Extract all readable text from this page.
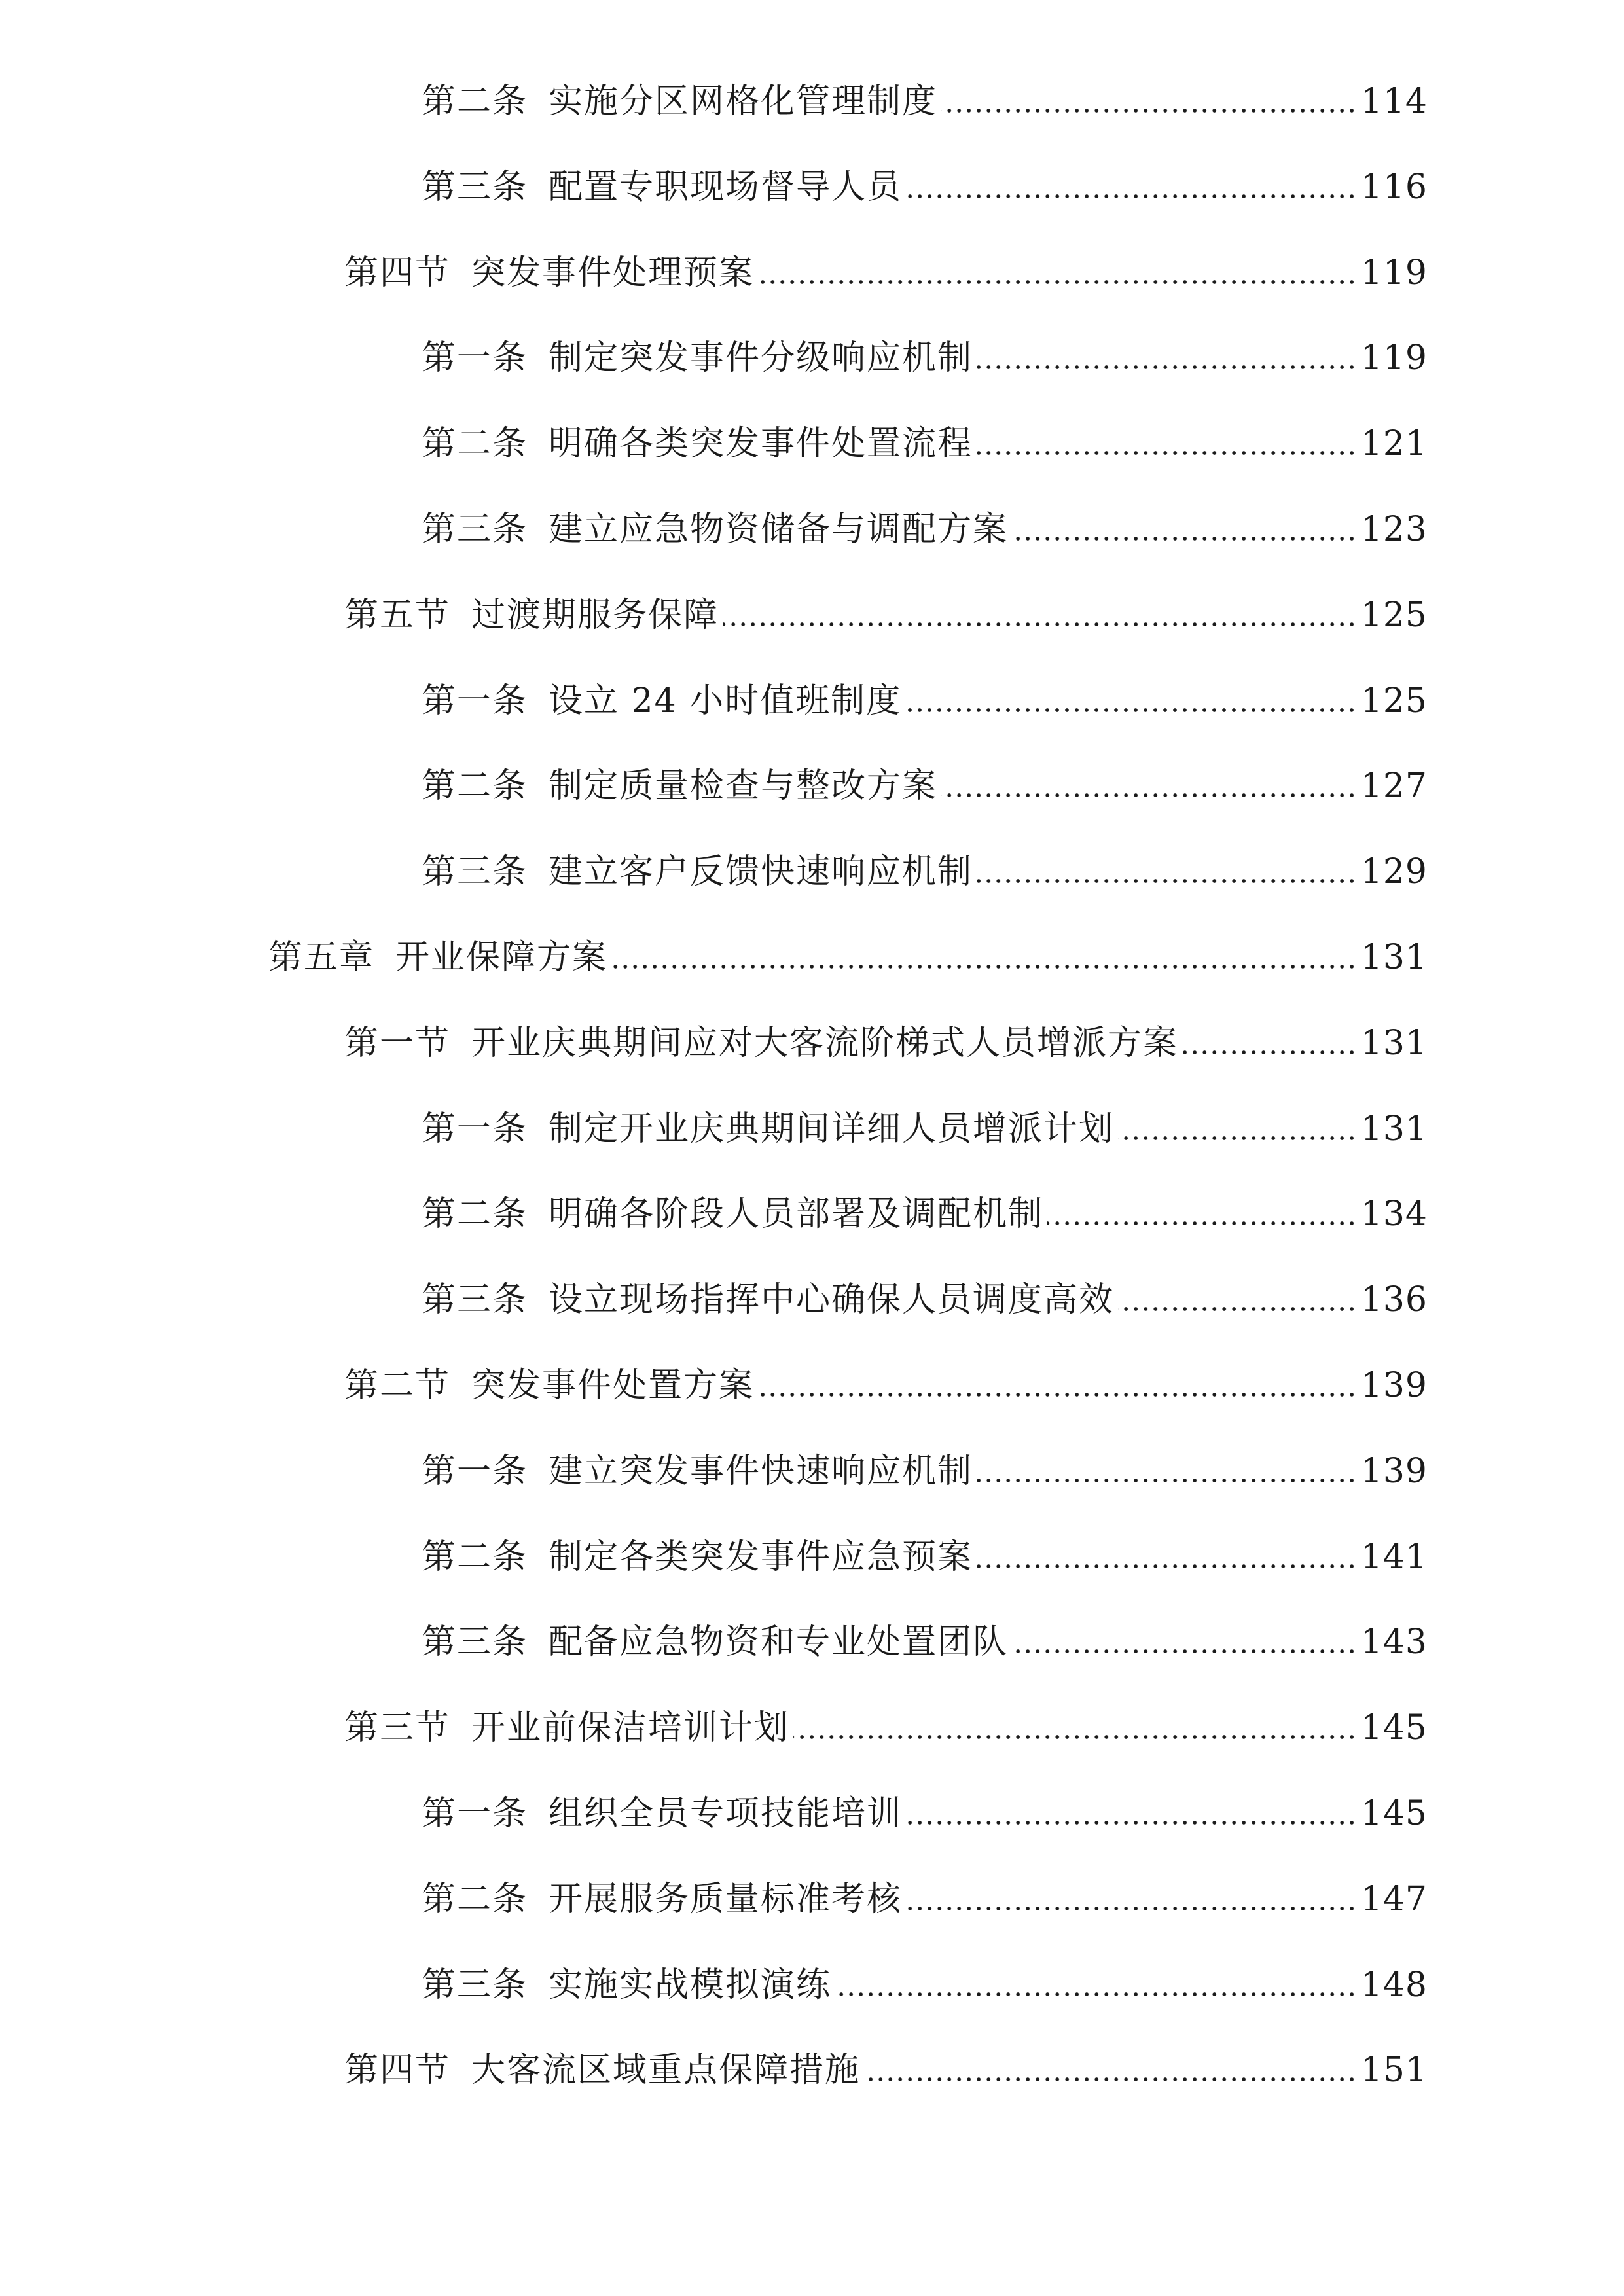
第二条 实施分区网格化管理制度	114
第三条 配置专职现场督导人员	116
第四节 突发事件处理预案	119
第一条 制定突发事件分级响应机制	119
第二条 明确各类突发事件处置流程	121
第三条 建立应急物资储备与调配方案	123
第五节 过渡期服务保障	125
第一条 设立 24 小时值班制度	125
第二条 制定质量检查与整改方案	127
第三条 建立客户反馈快速响应机制	129
第五章 开业保障方案	131
第一节 开业庆典期间应对大客流阶梯式人员增派方案	131
第一条 制定开业庆典期间详细人员增派计划	131
第二条 明确各阶段人员部署及调配机制	134
第三条 设立现场指挥中心确保人员调度高效	136
第二节 突发事件处置方案	139
第一条 建立突发事件快速响应机制	139
第二条 制定各类突发事件应急预案	141
第三条 配备应急物资和专业处置团队	143
第三节 开业前保洁培训计划	145
第一条 组织全员专项技能培训	145
第二条 开展服务质量标准考核	147
第三条 实施实战模拟演练	148
第四节 大客流区域重点保障措施	151
